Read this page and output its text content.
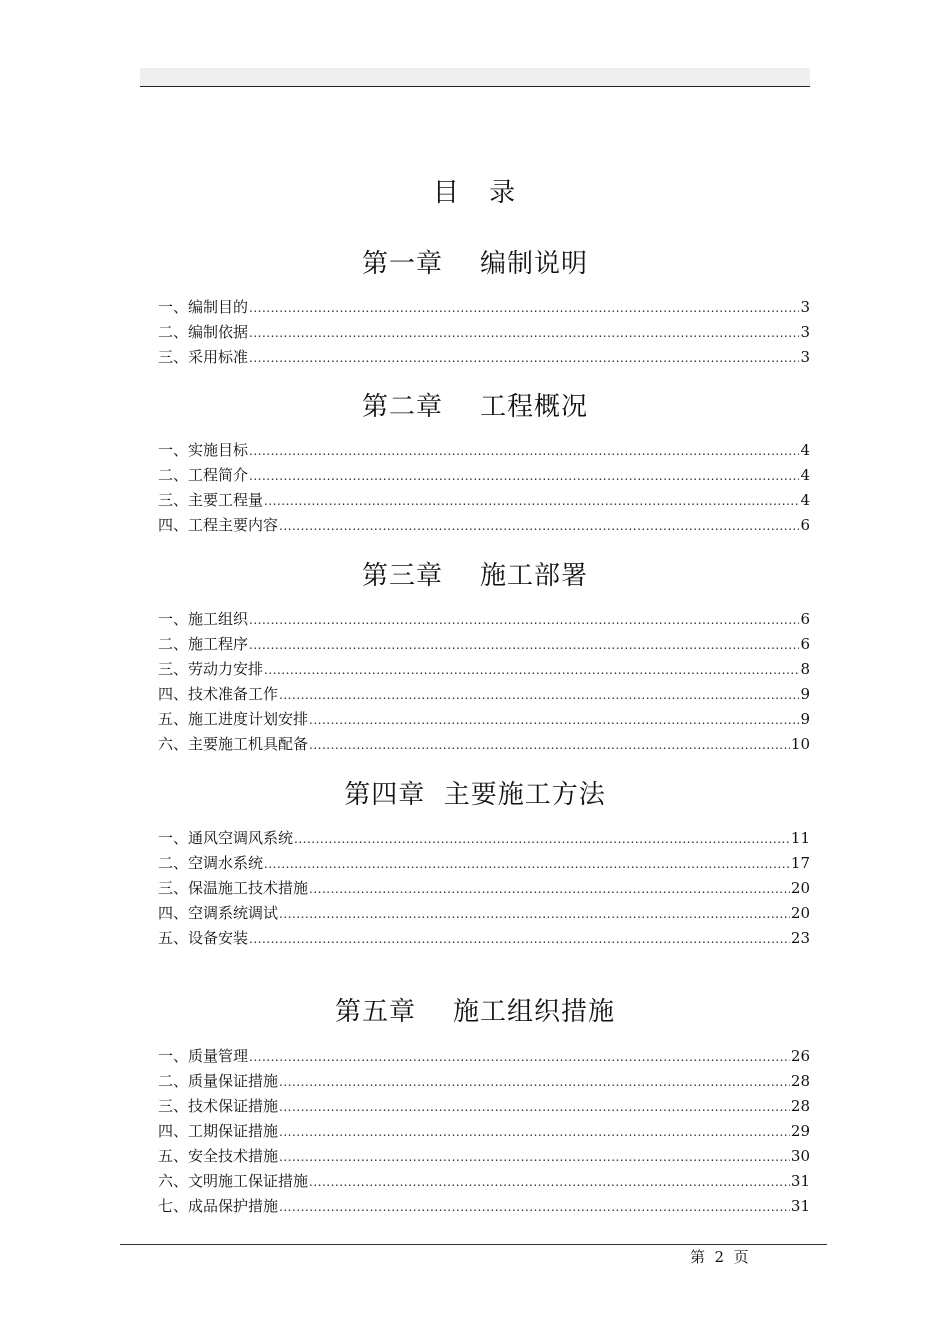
目 录
第一章    编制说明
一、编制目的 .....	3
二、编制依据 .....	3
三、采用标准 .....	3
第二章    工程概况
一、实施目标 .....	4
二、工程简介 .....	4
三、主要工程量 .....	4
四、工程主要内容 .....	6
第三章    施工部署
一、施工组织 .....	6
二、施工程序 .....	6
三、劳动力安排 .....	8
四、技术准备工作 .....	9
五、施工进度计划安排 .....	9
六、主要施工机具配备 .....	10
第四章  主要施工方法
一、通风空调风系统 .....	11
二、空调水系统 .....	17
三、保温施工技术措施 .....	20
四、空调系统调试 .....	20
五、设备安装 .....	23
第五章    施工组织措施
一、质量管理 .....	26
二、质量保证措施 .....	28
三、技术保证措施 .....	28
四、工期保证措施 .....	29
五、安全技术措施 .....	30
六、文明施工保证措施 .....	31
七、成品保护措施 .....	31
第  2  页
